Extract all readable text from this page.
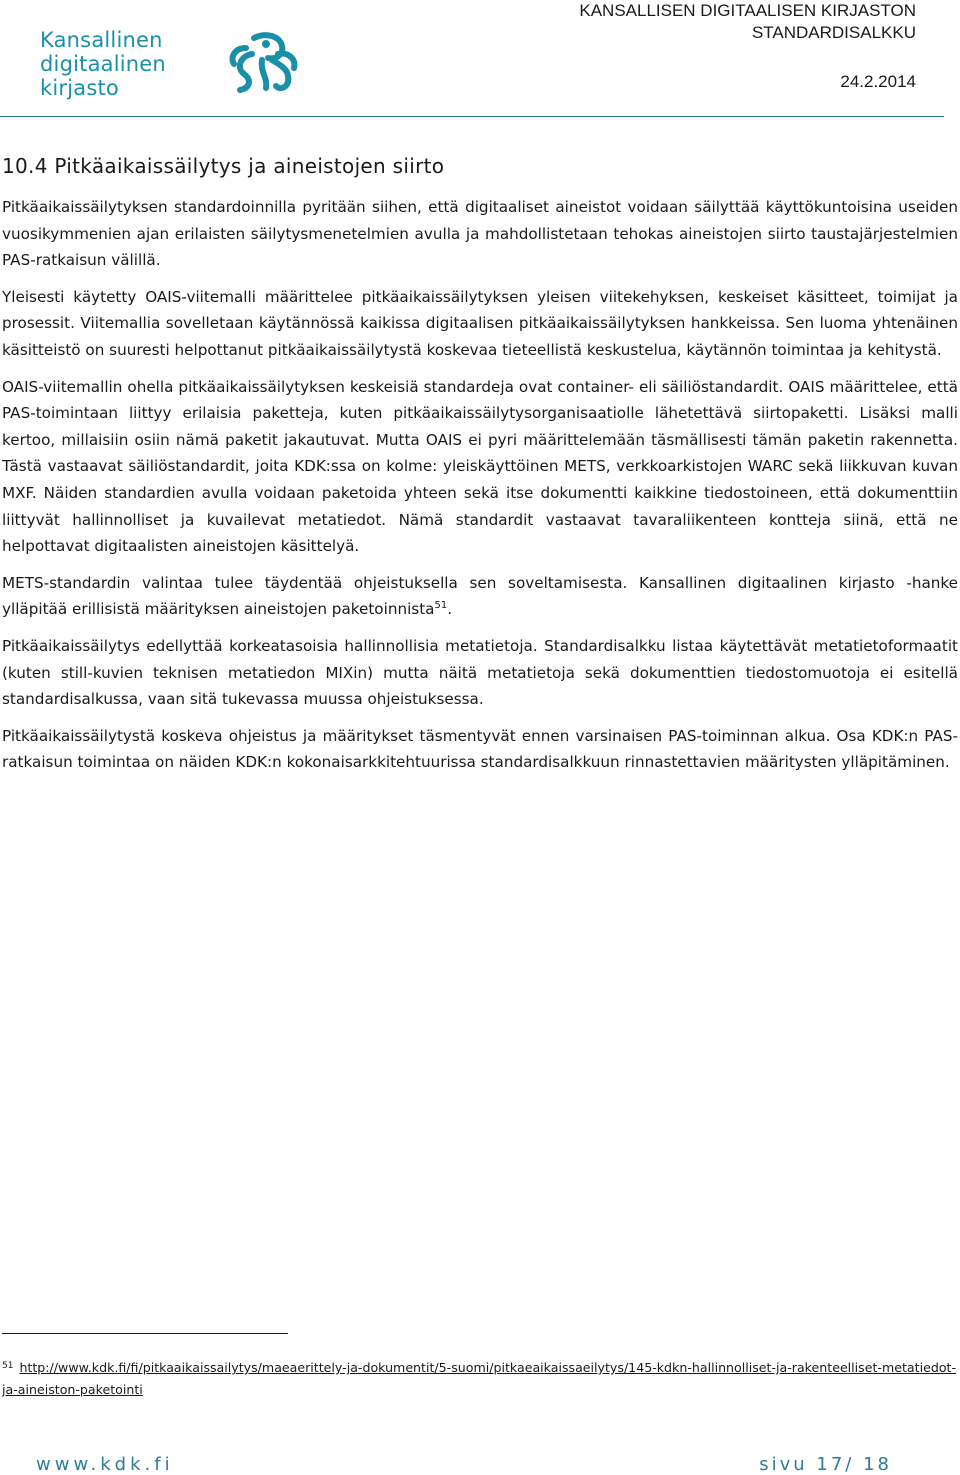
Kansallinen
digitaalinen
kirjasto
KANSALLISEN DIGITAALISEN KIRJASTON
STANDARDISALKKU
24.2.2014
10.4 Pitkäaikaissäilytys ja aineistojen siirto

Pitkäaikaissäilytyksen standardoinnilla pyritään siihen, että digitaaliset aineistot voidaan säilyttää käyttökuntoisina useiden vuosikymmenien ajan erilaisten säilytysmenetelmien avulla ja mahdollistetaan tehokas aineistojen siirto taustajärjestelmien PAS-ratkaisun välillä.

Yleisesti käytetty OAIS-viitemalli määrittelee pitkäaikaissäilytyksen yleisen viitekehyksen, keskeiset käsitteet, toimijat ja prosessit. Viitemallia sovelletaan käytännössä kaikissa digitaalisen pitkäaikaissäilytyksen hankkeissa. Sen luoma yhtenäinen käsitteistö on suuresti helpottanut pitkäaikaissäilytystä koskevaa tieteellistä keskustelua, käytännön toimintaa ja kehitystä.

OAIS-viitemallin ohella pitkäaikaissäilytyksen keskeisiä standardeja ovat container- eli säiliöstandardit. OAIS määrittelee, että PAS-toimintaan liittyy erilaisia paketteja, kuten pitkäaikaissäilytysorganisaatiolle lähetettävä siirtopaketti. Lisäksi malli kertoo, millaisiin osiin nämä paketit jakautuvat. Mutta OAIS ei pyri määrittelemään täsmällisesti tämän paketin rakennetta. Tästä vastaavat säiliöstandardit, joita KDK:ssa on kolme: yleiskäyttöinen METS, verkkoarkistojen WARC sekä liikkuvan kuvan MXF. Näiden standardien avulla voidaan paketoida yhteen sekä itse dokumentti kaikkine tiedostoineen, että dokumenttiin liittyvät hallinnolliset ja kuvailevat metatiedot. Nämä standardit vastaavat tavaraliikenteen kontteja siinä, että ne helpottavat digitaalisten aineistojen käsittelyä.

METS-standardin valintaa tulee täydentää ohjeistuksella sen soveltamisesta. Kansallinen digitaalinen kirjasto -hanke ylläpitää erillisistä määrityksen aineistojen paketoinnista$^{51}$.

Pitkäaikaissäilytys edellyttää korkeatasoisia hallinnollisia metatietoja. Standardisalkku listaa käytettävät metatietoformaatit (kuten still-kuvien teknisen metatiedon MIXin) mutta näitä metatietoja sekä dokumenttien tiedostomuotoja ei esitellä standardisalkussa, vaan sitä tukevassa muussa ohjeistuksessa.

Pitkäaikaissäilytystä koskeva ohjeistus ja määritykset täsmentyvät ennen varsinaisen PAS-toiminnan alkua. Osa KDK:n PAS-ratkaisun toimintaa on näiden KDK:n kokonaisarkkitehtuurissa standardisalkkuun rinnastettavien määritysten ylläpitäminen.

$^{51}$ http://www.kdk.fi/fi/pitkaaikaissailytys/maeaerittely-ja-dokumentit/5-suomi/pitkaeaikaissaeilytys/145-kdkn-hallinnolliset-ja-rakenteelliset-metatiedot-ja-aineiston-paketointi
www.kdk.fi	sivu 17/ 18
